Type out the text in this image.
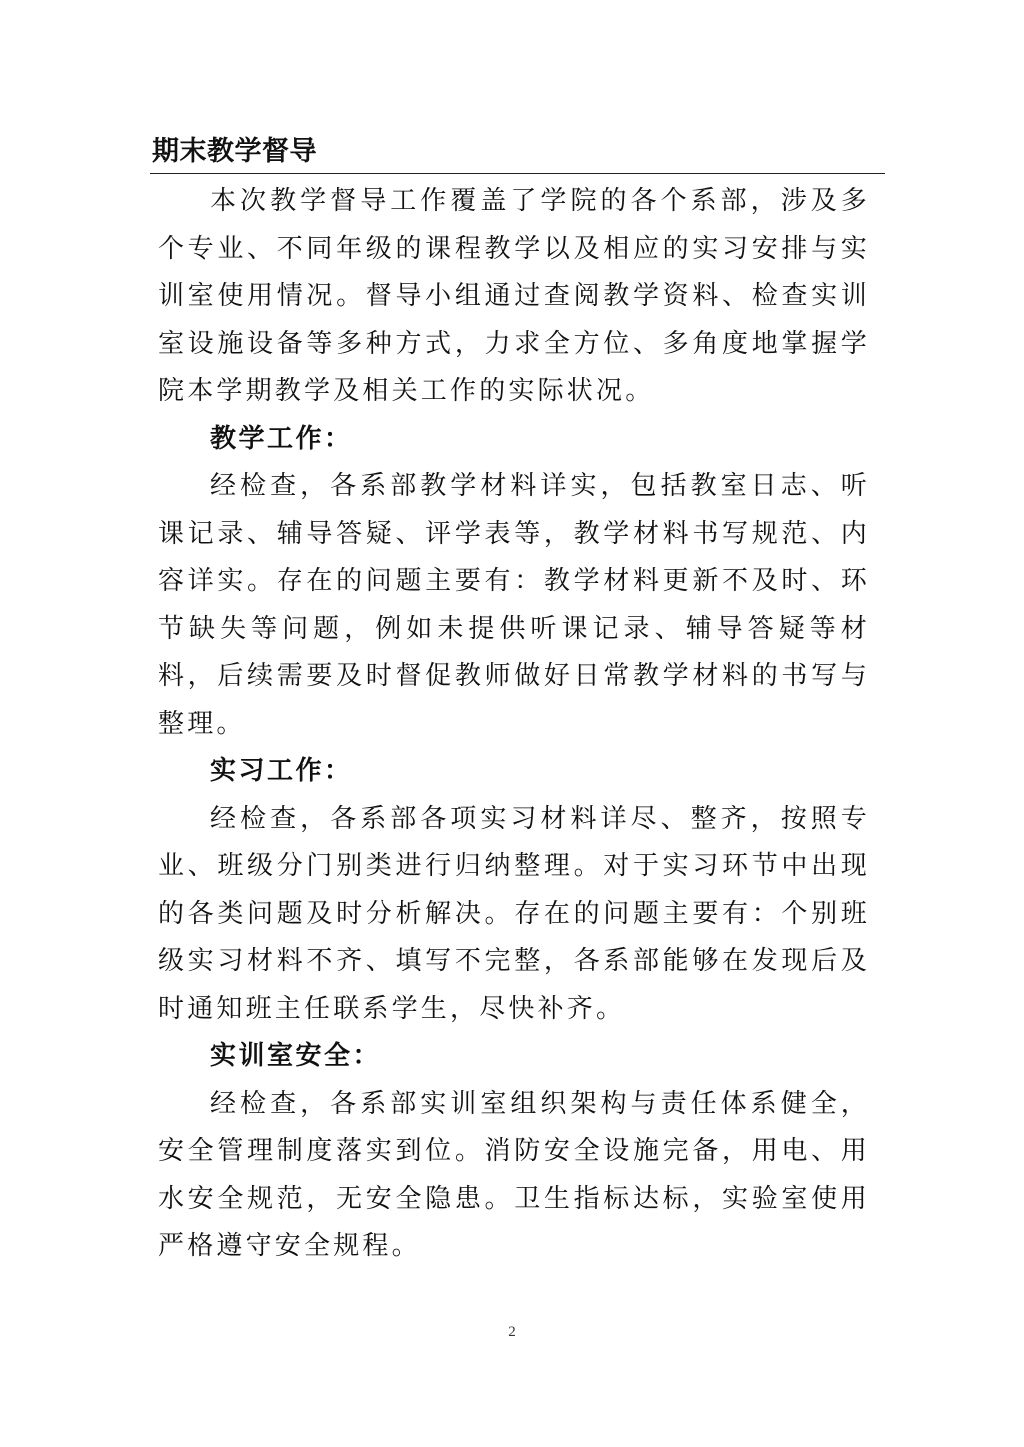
期末教学督导

本次教学督导工作覆盖了学院的各个系部，涉及多个专业、不同年级的课程教学以及相应的实习安排与实训室使用情况。督导小组通过查阅教学资料、检查实训室设施设备等多种方式，力求全方位、多角度地掌握学院本学期教学及相关工作的实际状况。

教学工作：

经检查，各系部教学材料详实，包括教室日志、听课记录、辅导答疑、评学表等，教学材料书写规范、内容详实。存在的问题主要有：教学材料更新不及时、环节缺失等问题，例如未提供听课记录、辅导答疑等材料，后续需要及时督促教师做好日常教学材料的书写与整理。

实习工作：

经检查，各系部各项实习材料详尽、整齐，按照专业、班级分门别类进行归纳整理。对于实习环节中出现的各类问题及时分析解决。存在的问题主要有：个别班级实习材料不齐、填写不完整，各系部能够在发现后及时通知班主任联系学生，尽快补齐。

实训室安全：

经检查，各系部实训室组织架构与责任体系健全，安全管理制度落实到位。消防安全设施完备，用电、用水安全规范，无安全隐患。卫生指标达标，实验室使用严格遵守安全规程。

2
